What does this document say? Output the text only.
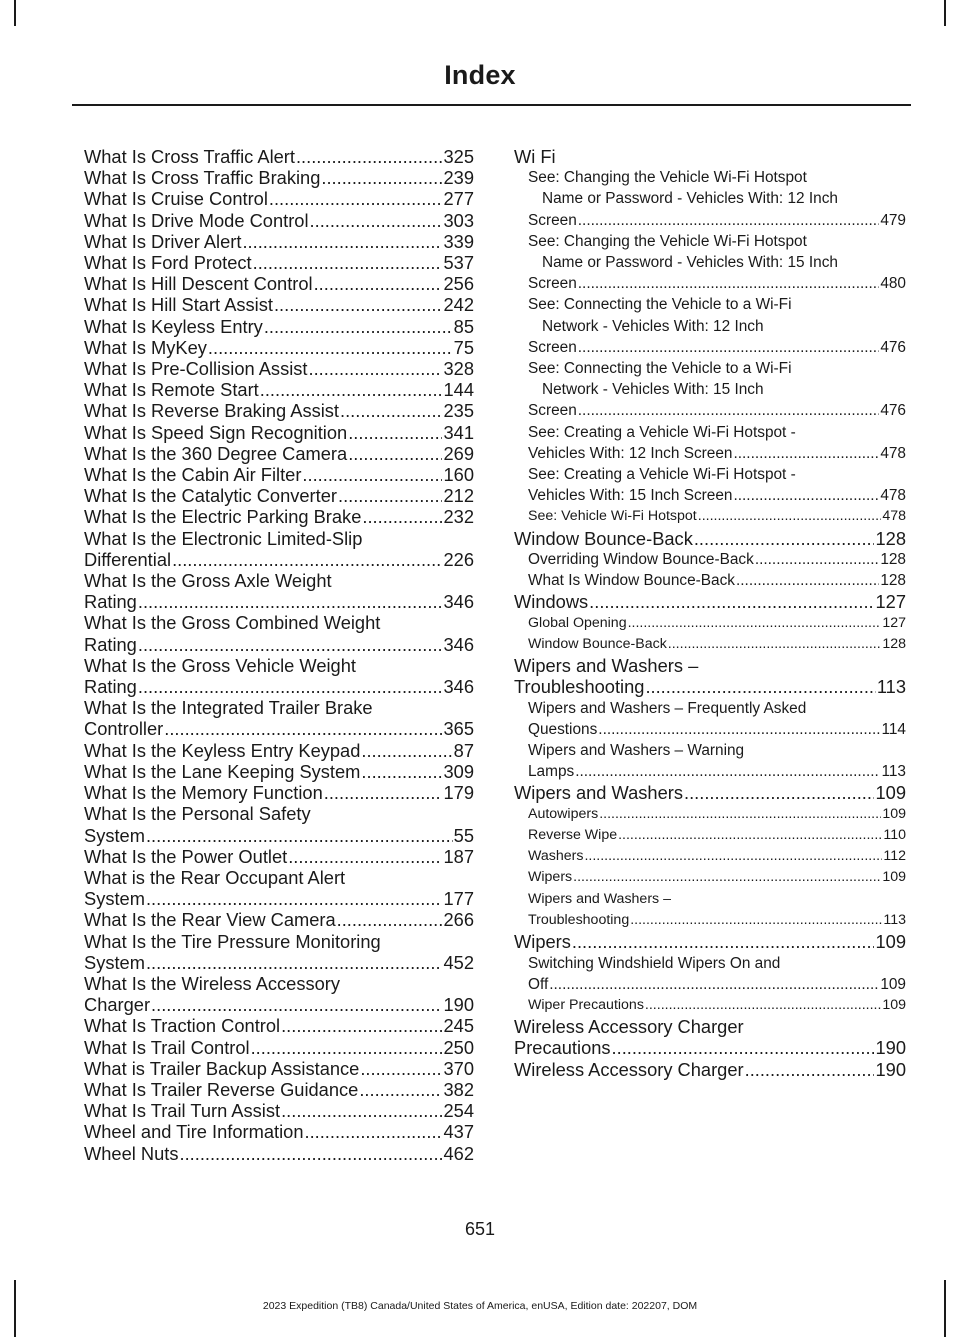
Index
What Is Cross Traffic Alert .....	325
What Is Cross Traffic Braking .....	239
What Is Cruise Control .....	277
What Is Drive Mode Control .....	303
What Is Driver Alert .....	339
What Is Ford Protect .....	537
What Is Hill Descent Control .....	256
What Is Hill Start Assist .....	242
What Is Keyless Entry .....	85
What Is MyKey .....	75
What Is Pre-Collision Assist .....	328
What Is Remote Start .....	144
What Is Reverse Braking Assist .....	235
What Is Speed Sign Recognition .....	341
What Is the 360 Degree Camera .....	269
What Is the Cabin Air Filter .....	160
What Is the Catalytic Converter .....	212
What Is the Electric Parking Brake .....	232
What Is the Electronic Limited-Slip
Differential .....	226
What Is the Gross Axle Weight
Rating .....	346
What Is the Gross Combined Weight
Rating .....	346
What Is the Gross Vehicle Weight
Rating .....	346
What Is the Integrated Trailer Brake
Controller .....	365
What Is the Keyless Entry Keypad .....	87
What Is the Lane Keeping System .....	309
What Is the Memory Function .....	179
What Is the Personal Safety
System .....	55
What Is the Power Outlet .....	187
What is the Rear Occupant Alert
System .....	177
What Is the Rear View Camera .....	266
What Is the Tire Pressure Monitoring
System .....	452
What Is the Wireless Accessory
Charger .....	190
What Is Traction Control .....	245
What Is Trail Control .....	250
What is Trailer Backup Assistance .....	370
What Is Trailer Reverse Guidance .....	382
What Is Trail Turn Assist .....	254
Wheel and Tire Information .....	437
Wheel Nuts .....	462
Wi Fi
See: Changing the Vehicle Wi-Fi Hotspot
Name or Password - Vehicles With: 12 Inch
Screen .....	479
See: Changing the Vehicle Wi-Fi Hotspot
Name or Password - Vehicles With: 15 Inch
Screen .....	480
See: Connecting the Vehicle to a Wi-Fi
Network - Vehicles With: 12 Inch
Screen .....	476
See: Connecting the Vehicle to a Wi-Fi
Network - Vehicles With: 15 Inch
Screen .....	476
See: Creating a Vehicle Wi-Fi Hotspot -
Vehicles With: 12 Inch Screen .....	478
See: Creating a Vehicle Wi-Fi Hotspot -
Vehicles With: 15 Inch Screen .....	478
See: Vehicle Wi-Fi Hotspot .....	478
Window Bounce-Back .....	128
Overriding Window Bounce-Back .....	128
What Is Window Bounce-Back .....	128
Windows .....	127
Global Opening .....	127
Window Bounce-Back .....	128
Wipers and Washers –
Troubleshooting .....	113
Wipers and Washers – Frequently Asked
Questions .....	114
Wipers and Washers – Warning
Lamps .....	113
Wipers and Washers .....	109
Autowipers .....	109
Reverse Wipe .....	110
Washers .....	112
Wipers .....	109
Wipers and Washers –
Troubleshooting .....	113
Wipers .....	109
Switching Windshield Wipers On and
Off .....	109
Wiper Precautions .....	109
Wireless Accessory Charger
Precautions .....	190
Wireless Accessory Charger .....	190
651
2023 Expedition (TB8) Canada/United States of America, enUSA, Edition date: 202207, DOM
